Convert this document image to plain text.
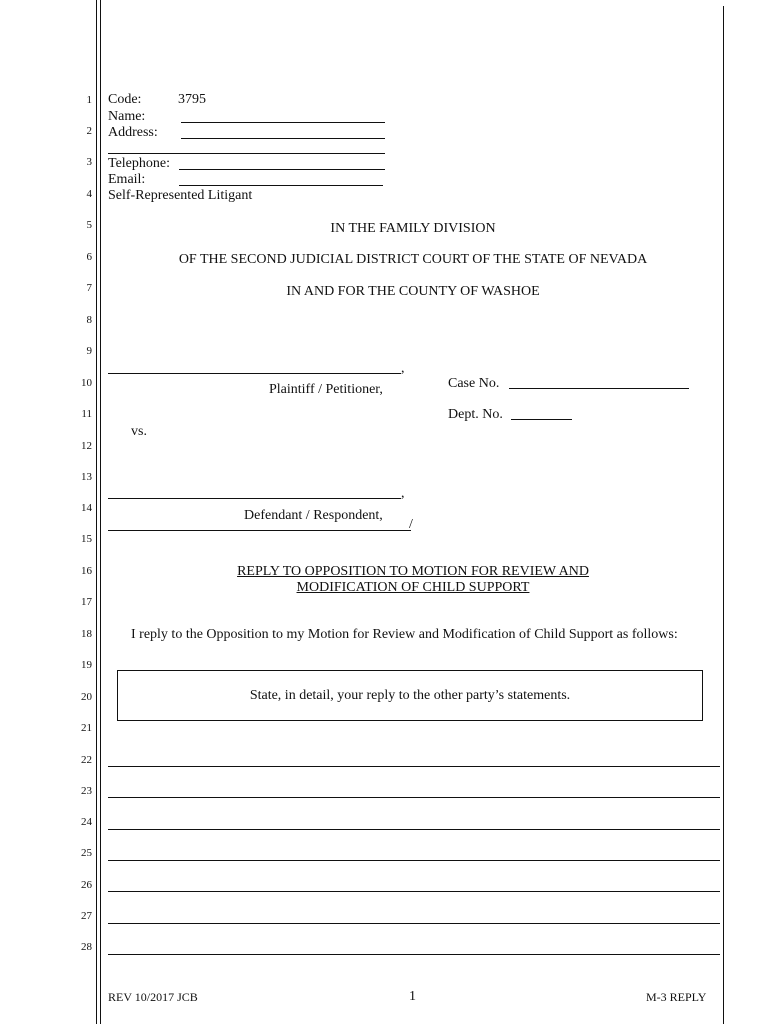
1
2
3
4
5
6
7
8
9
10
11
12
13
14
15
16
17
18
19
20
21
22
23
24
25
26
27
28
Code:	3795
Name:
Address:
Telephone:
Email:
Self-Represented Litigant
IN THE FAMILY DIVISION
OF THE SECOND JUDICIAL DISTRICT COURT OF THE STATE OF NEVADA
IN AND FOR THE COUNTY OF WASHOE
,
Plaintiff / Petitioner,	Case No.
Dept. No.
vs.
,
Defendant / Respondent,
/
REPLY TO OPPOSITION TO MOTION FOR REVIEW AND
MODIFICATION OF CHILD SUPPORT
I reply to the Opposition to my Motion for Review and Modification of Child Support as follows:
State, in detail, your reply to the other party’s statements.
REV 10/2017 JCB	1	M-3 REPLY
